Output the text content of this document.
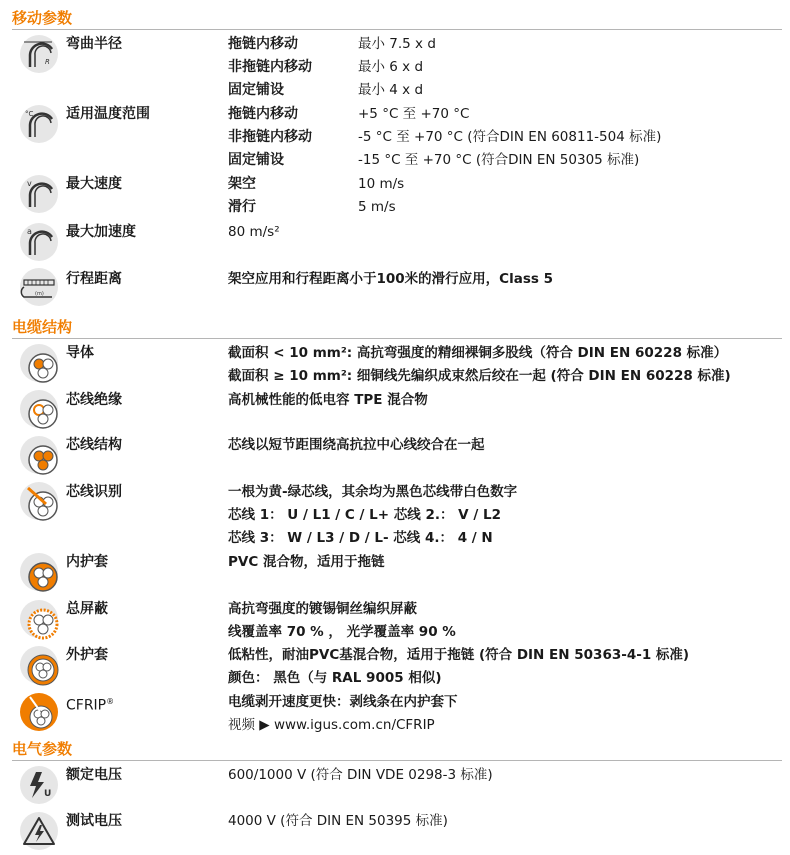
移动参数
R
弯曲半径	拖链内移动	最小 7.5 x d
非拖链内移动	最小 6 x d
固定铺设	最小 4 x d
°C 适用温度范围	拖链内移动	+5 °C 至 +70 °C
非拖链内移动	-5 °C 至 +70 °C (符合DIN EN 60811-504 标准)
固定铺设	-15 °C 至 +70 °C (符合DIN EN 50305 标准)
v 最大速度	架空	10 m/s
滑行	5 m/s
a 最大加速度	80 m/s²
(m)
行程距离	架空应用和行程距离小于100米的滑行应用，Class 5
电缆结构
导体	截面积 < 10 mm²: 高抗弯强度的精细裸铜多股线（符合 DIN EN 60228 标准）
截面积 ≥ 10 mm²: 细铜线先编织成束然后绞在一起 (符合 DIN EN 60228 标准)
芯线绝缘	高机械性能的低电容 TPE 混合物
芯线结构	芯线以短节距围绕高抗拉中心线绞合在一起
芯线识别	一根为黄-绿芯线，其余均为黑色芯线带白色数字
芯线 1： U / L1 / C / L+ 芯线 2.： V / L2
芯线 3： W / L3 / D / L- 芯线 4.： 4 / N
内护套	PVC 混合物，适用于拖链
总屏蔽	高抗弯强度的镀锡铜丝编织屏蔽
线覆盖率 70 % ， 光学覆盖率 90 %
外护套	低粘性，耐油PVC基混合物，适用于拖链 (符合 DIN EN 50363-4-1 标准)
颜色： 黑色（与 RAL 9005 相似)
CFRIP®	电缆剥开速度更快：剥线条在内护套下
视频 ▶ www.igus.com.cn/CFRIP
电气参数
U
额定电压	600/1000 V (符合 DIN VDE 0298-3 标准)
测试电压	4000 V (符合 DIN EN 50395 标准)
